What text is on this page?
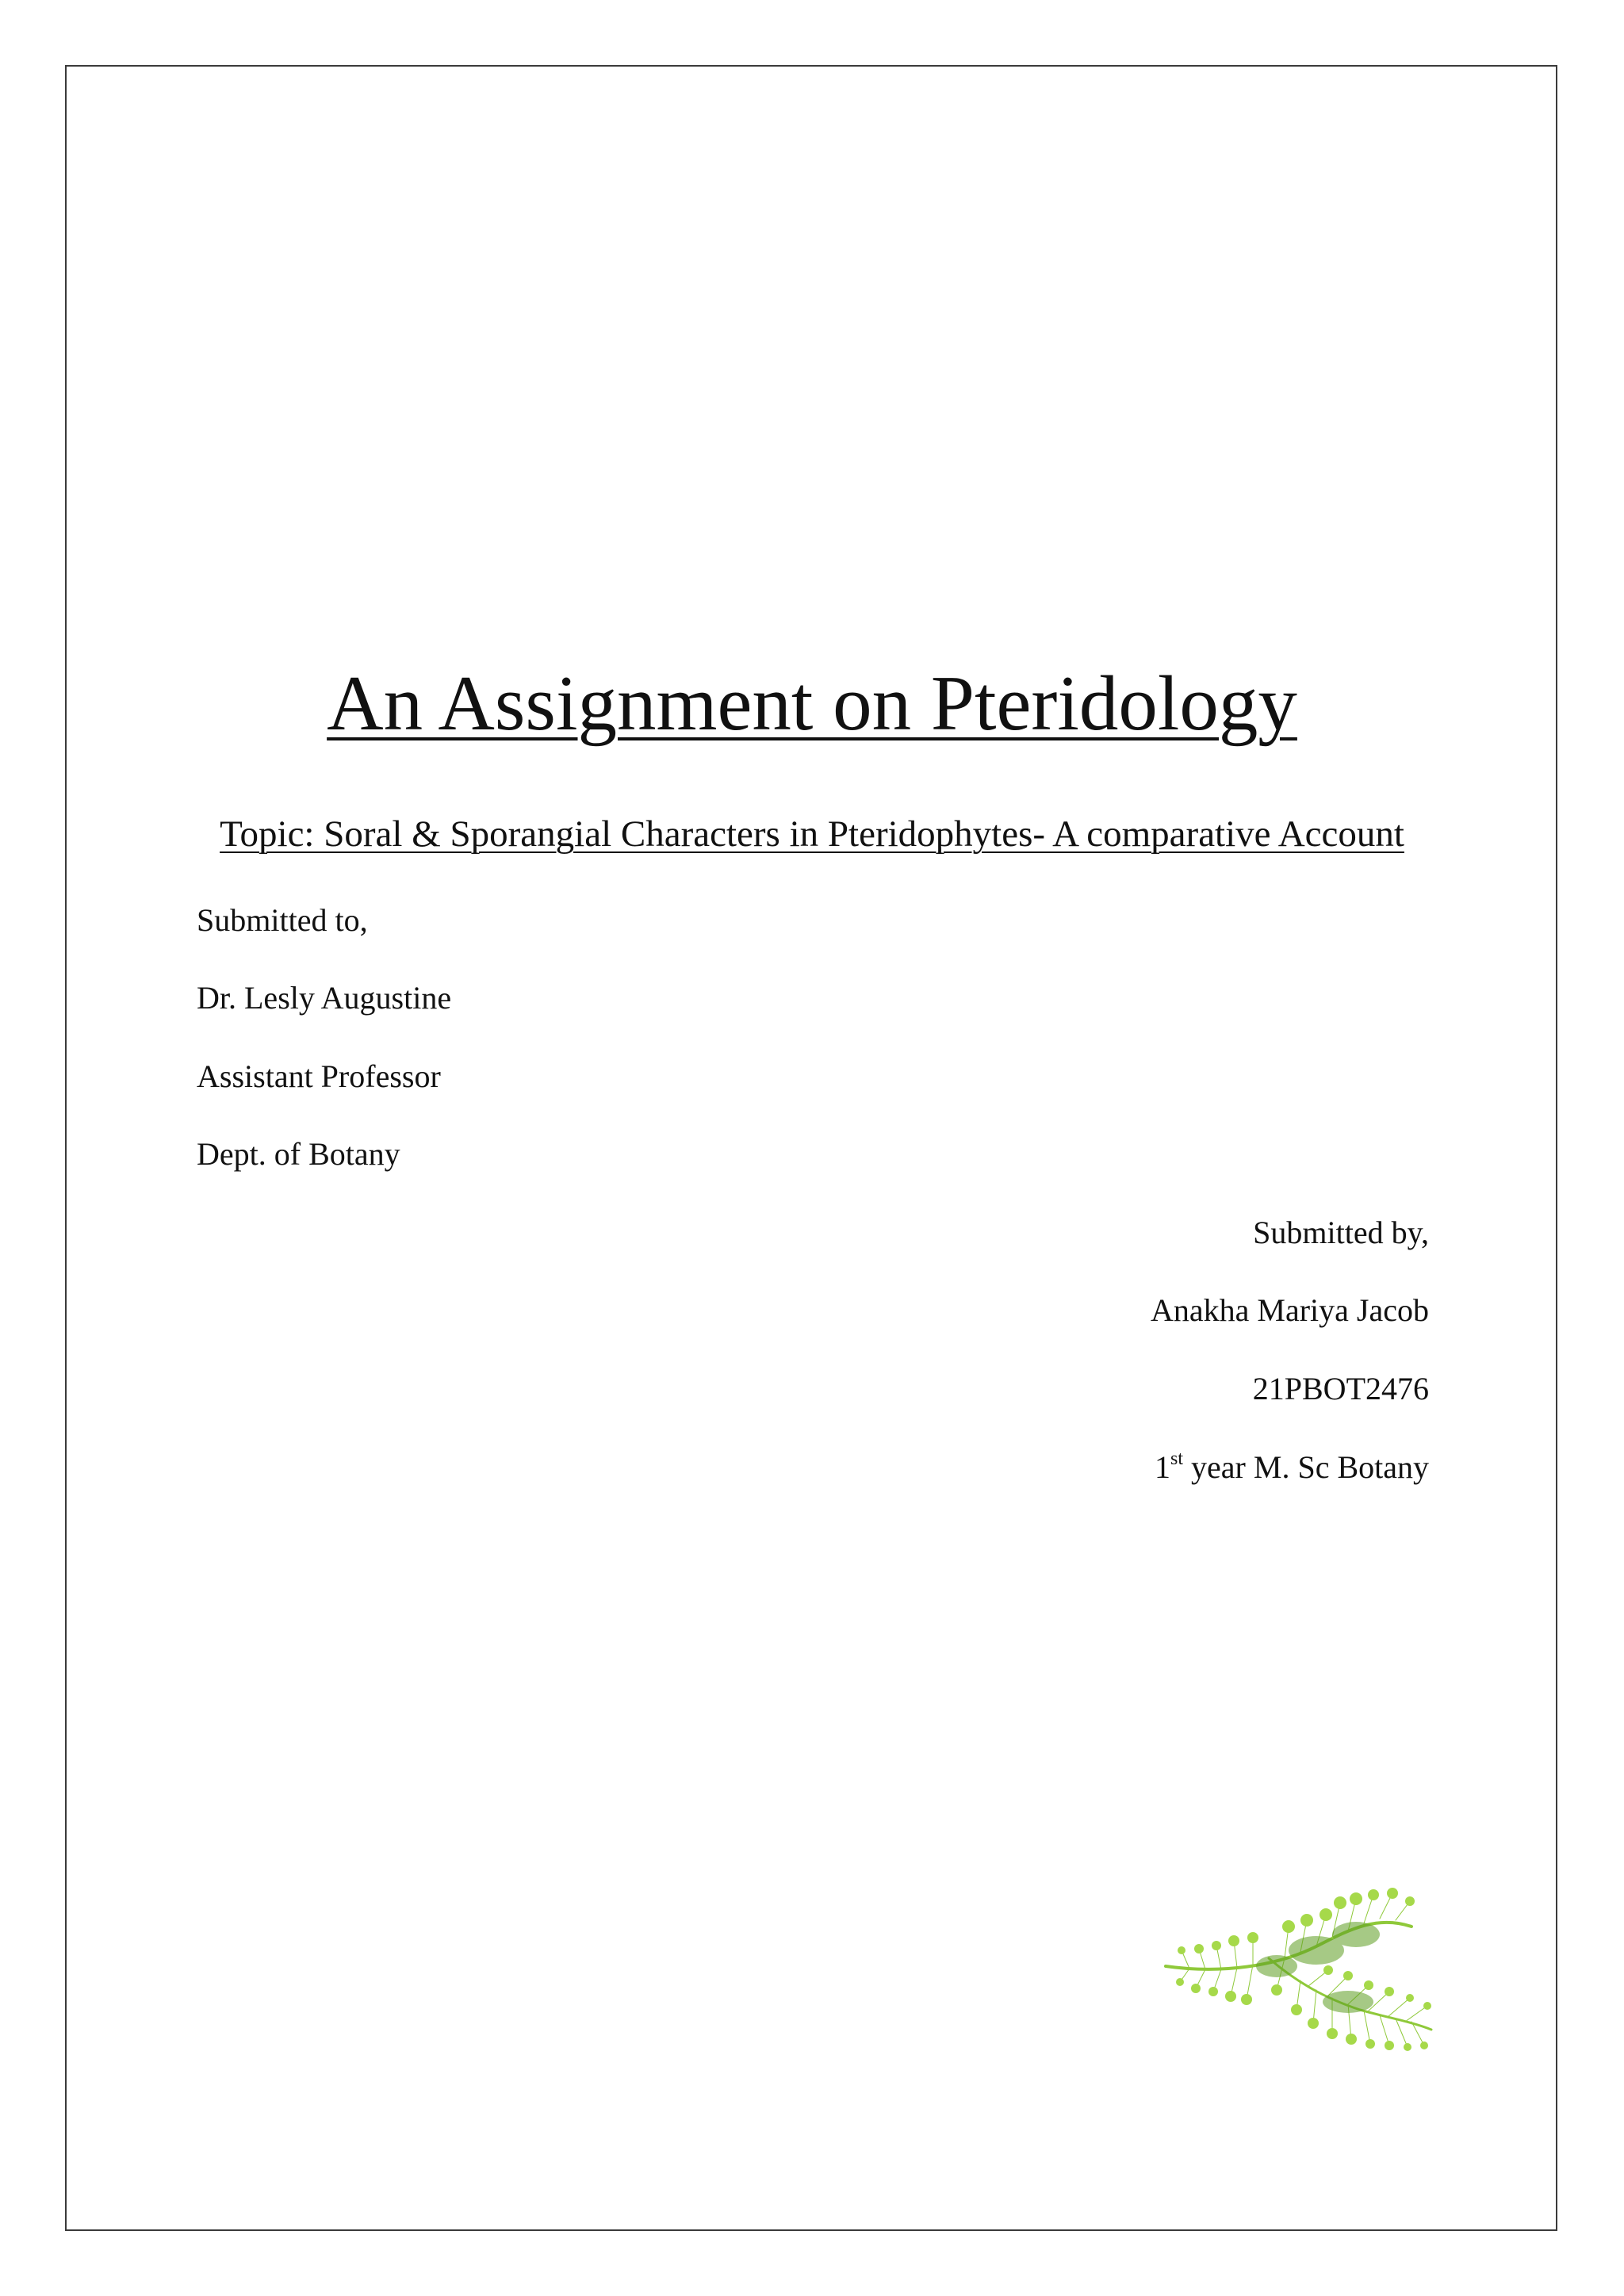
An Assignment on Pteridology

Topic: Soral & Sporangial Characters in Pteridophytes- A comparative Account

Submitted to,

Dr. Lesly Augustine

Assistant Professor

Dept. of Botany

Submitted by,

Anakha Mariya Jacob

21PBOT2476

1st year M. Sc Botany
